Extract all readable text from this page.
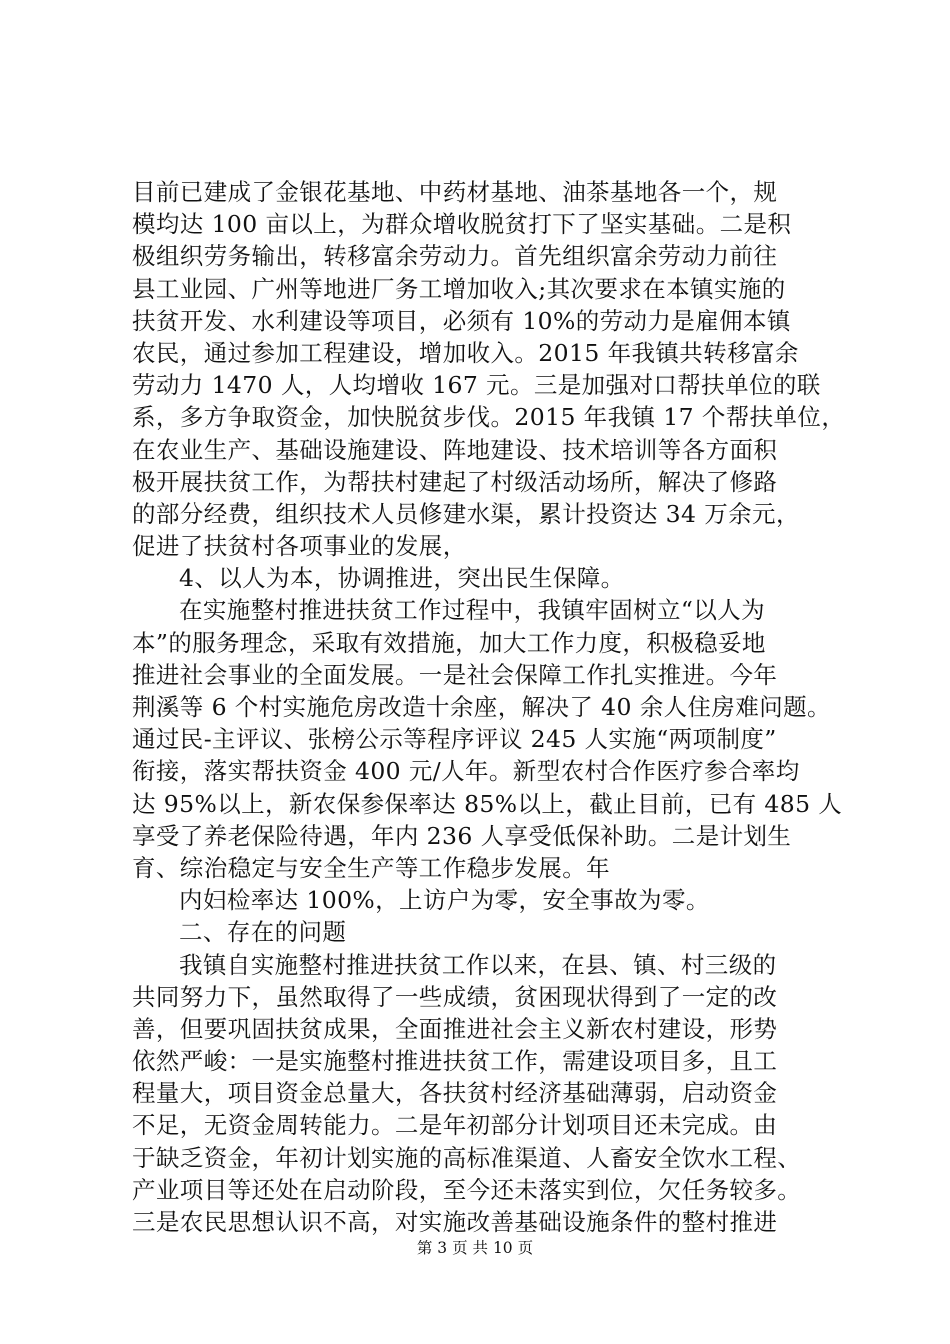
目前已建成了金银花基地、中药材基地、油茶基地各一个，规
模均达 100 亩以上，为群众增收脱贫打下了坚实基础。二是积
极组织劳务输出，转移富余劳动力。首先组织富余劳动力前往
县工业园、广州等地进厂务工增加收入;其次要求在本镇实施的
扶贫开发、水利建设等项目，必须有 10%的劳动力是雇佣本镇
农民，通过参加工程建设，增加收入。2015 年我镇共转移富余
劳动力 1470 人，人均增收 167 元。三是加强对口帮扶单位的联
系，多方争取资金，加快脱贫步伐。2015 年我镇 17 个帮扶单位，
在农业生产、基础设施建设、阵地建设、技术培训等各方面积
极开展扶贫工作，为帮扶村建起了村级活动场所，解决了修路
的部分经费，组织技术人员修建水渠，累计投资达 34 万余元，
促进了扶贫村各项事业的发展，
4、以人为本，协调推进，突出民生保障。
在实施整村推进扶贫工作过程中，我镇牢固树立“以人为
本”的服务理念，采取有效措施，加大工作力度，积极稳妥地
推进社会事业的全面发展。一是社会保障工作扎实推进。今年
荆溪等 6 个村实施危房改造十余座，解决了 40 余人住房难问题。
通过民-主评议、张榜公示等程序评议 245 人实施“两项制度”
衔接，落实帮扶资金 400 元/人年。新型农村合作医疗参合率均
达 95%以上，新农保参保率达 85%以上，截止目前，已有 485 人
享受了养老保险待遇，年内 236 人享受低保补助。二是计划生
育、综治稳定与安全生产等工作稳步发展。年
内妇检率达 100%，上访户为零，安全事故为零。
二、存在的问题
我镇自实施整村推进扶贫工作以来，在县、镇、村三级的
共同努力下，虽然取得了一些成绩，贫困现状得到了一定的改
善，但要巩固扶贫成果，全面推进社会主义新农村建设，形势
依然严峻：一是实施整村推进扶贫工作，需建设项目多，且工
程量大，项目资金总量大，各扶贫村经济基础薄弱，启动资金
不足，无资金周转能力。二是年初部分计划项目还未完成。由
于缺乏资金，年初计划实施的高标准渠道、人畜安全饮水工程、
产业项目等还处在启动阶段，至今还未落实到位，欠任务较多。
三是农民思想认识不高，对实施改善基础设施条件的整村推进
第 3 页 共 10 页
